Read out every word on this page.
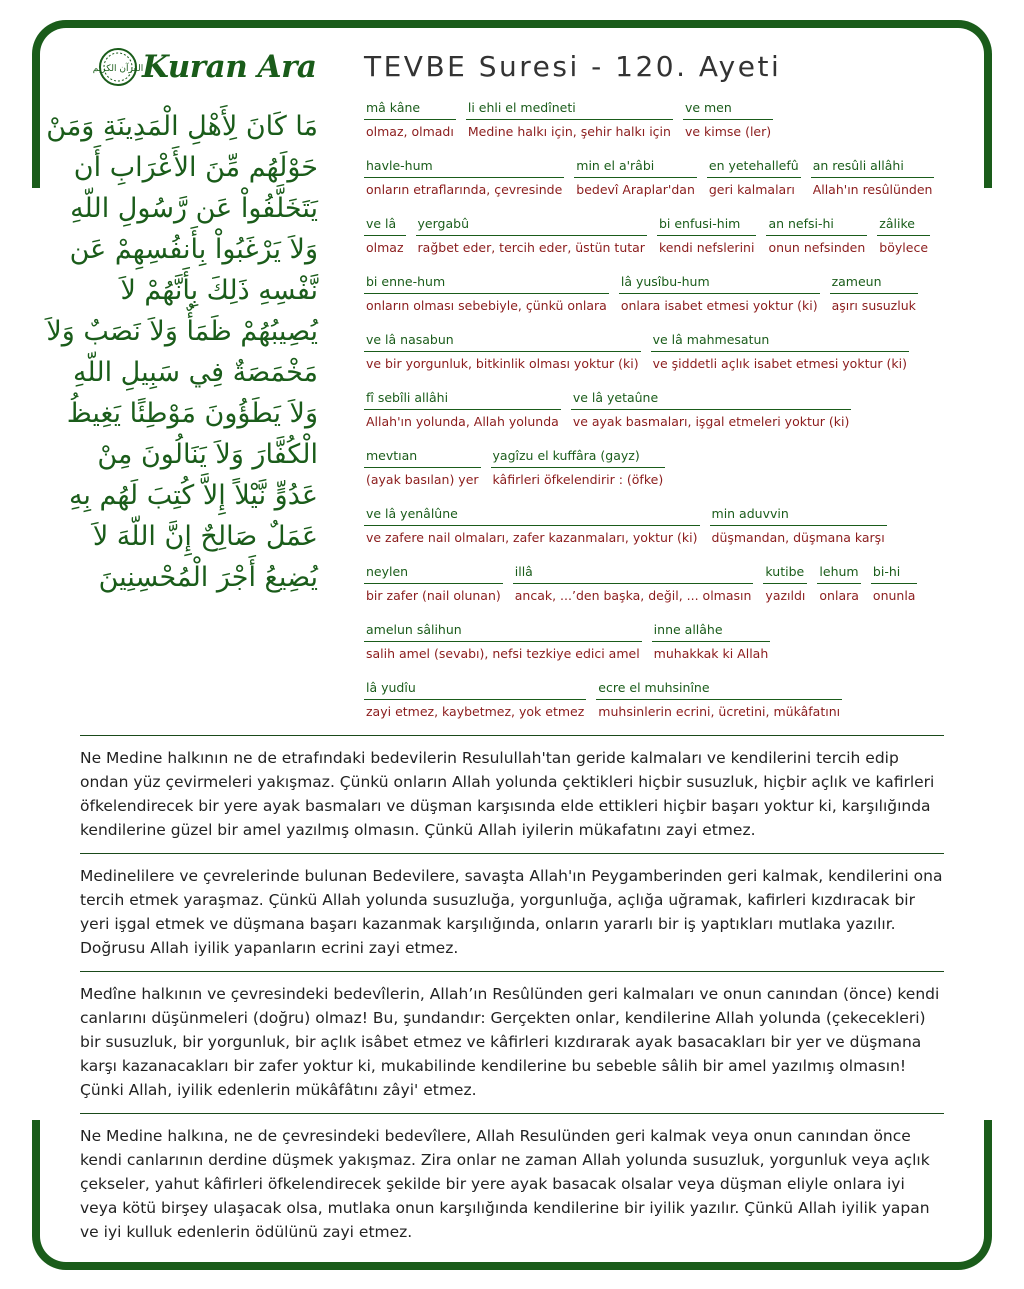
القرآن الكريم
Kuran Ara
مَا كَانَ لِأَهْلِ الْمَدِينَةِ وَمَنْ حَوْلَهُم مِّنَ الأَعْرَابِ أَن يَتَخَلَّفُواْ عَن رَّسُولِ اللّهِ وَلاَ يَرْغَبُواْ بِأَنفُسِهِمْ عَن نَّفْسِهِ ذَلِكَ بِأَنَّهُمْ لاَ يُصِيبُهُمْ ظَمَأٌ وَلاَ نَصَبٌ وَلاَ مَخْمَصَةٌ فِي سَبِيلِ اللّهِ وَلاَ يَطَؤُونَ مَوْطِئًا يَغِيظُ الْكُفَّارَ وَلاَ يَنَالُونَ مِنْ عَدُوٍّ نَّيْلاً إِلاَّ كُتِبَ لَهُم بِهِ عَمَلٌ صَالِحٌ إِنَّ اللّهَ لاَ يُضِيعُ أَجْرَ الْمُحْسِنِينَ
TEVBE Suresi - 120. Ayeti
mâ kâne
olmaz, olmadı
li ehli el medîneti
Medine halkı için, şehir halkı için
ve men
ve kimse (ler)
havle-hum
onların etraflarında, çevresinde
min el a'râbi
bedevî Araplar'dan
en yetehallefû
geri kalmaları
an resûli allâhi
Allah'ın resûlünden
ve lâ
olmaz
yergabû
rağbet eder, tercih eder, üstün tutar
bi enfusi-him
kendi nefslerini
an nefsi-hi
onun nefsinden
zâlike
böylece
bi enne-hum
onların olması sebebiyle, çünkü onlara
lâ yusîbu-hum
onlara isabet etmesi yoktur (ki)
zameun
aşırı susuzluk
ve lâ nasabun
ve bir yorgunluk, bitkinlik olması yoktur (ki)
ve lâ mahmesatun
ve şiddetli açlık isabet etmesi yoktur (ki)
fî sebîli allâhi
Allah'ın yolunda, Allah yolunda
ve lâ yetaûne
ve ayak basmaları, işgal etmeleri yoktur (ki)
mevtıan
(ayak basılan) yer
yagîzu el kuffâra (gayz)
kâfirleri öfkelendirir : (öfke)
ve lâ yenâlûne
ve zafere nail olmaları, zafer kazanmaları, yoktur (ki)
min aduvvin
düşmandan, düşmana karşı
neylen
bir zafer (nail olunan)
illâ
ancak, ...’den başka, değil, ... olmasın
kutibe
yazıldı
lehum
onlara
bi-hi
onunla
amelun sâlihun
salih amel (sevabı), nefsi tezkiye edici amel
inne allâhe
muhakkak ki Allah
lâ yudîu
zayi etmez, kaybetmez, yok etmez
ecre el muhsinîne
muhsinlerin ecrini, ücretini, mükâfatını
Ne Medine halkının ne de etrafındaki bedevilerin Resulullah'tan geride kalmaları ve kendilerini tercih edip ondan yüz çevirmeleri yakışmaz. Çünkü onların Allah yolunda çektikleri hiçbir susuzluk, hiçbir açlık ve kafirleri öfkelendirecek bir yere ayak basmaları ve düşman karşısında elde ettikleri hiçbir başarı yoktur ki, karşılığında kendilerine güzel bir amel yazılmış olmasın. Çünkü Allah iyilerin mükafatını zayi etmez.
Medinelilere ve çevrelerinde bulunan Bedevilere, savaşta Allah'ın Peygamberinden geri kalmak, kendilerini ona tercih etmek yaraşmaz. Çünkü Allah yolunda susuzluğa, yorgunluğa, açlığa uğramak, kafirleri kızdıracak bir yeri işgal etmek ve düşmana başarı kazanmak karşılığında, onların yararlı bir iş yaptıkları mutlaka yazılır. Doğrusu Allah iyilik yapanların ecrini zayi etmez.
Medîne halkının ve çevresindeki bedevîlerin, Allah’ın Resûlünden geri kalmaları ve onun canından (önce) kendi canlarını düşünmeleri (doğru) olmaz! Bu, şundandır: Gerçekten onlar, kendilerine Allah yolunda (çekecekleri) bir susuzluk, bir yorgunluk, bir açlık isâbet etmez ve kâfirleri kızdırarak ayak basacakları bir yer ve düşmana karşı kazanacakları bir zafer yoktur ki, mukabilinde kendilerine bu sebeble sâlih bir amel yazılmış olmasın! Çünki Allah, iyilik edenlerin mükâfâtını zâyi' etmez.
Ne Medine halkına, ne de çevresindeki bedevîlere, Allah Resulünden geri kalmak veya onun canından önce kendi canlarının derdine düşmek yakışmaz. Zira onlar ne zaman Allah yolunda susuzluk, yorgunluk veya açlık çekseler, yahut kâfirleri öfkelendirecek şekilde bir yere ayak basacak olsalar veya düşman eliyle onlara iyi veya kötü birşey ulaşacak olsa, mutlaka onun karşılığında kendilerine bir iyilik yazılır. Çünkü Allah iyilik yapan ve iyi kulluk edenlerin ödülünü zayi etmez.
